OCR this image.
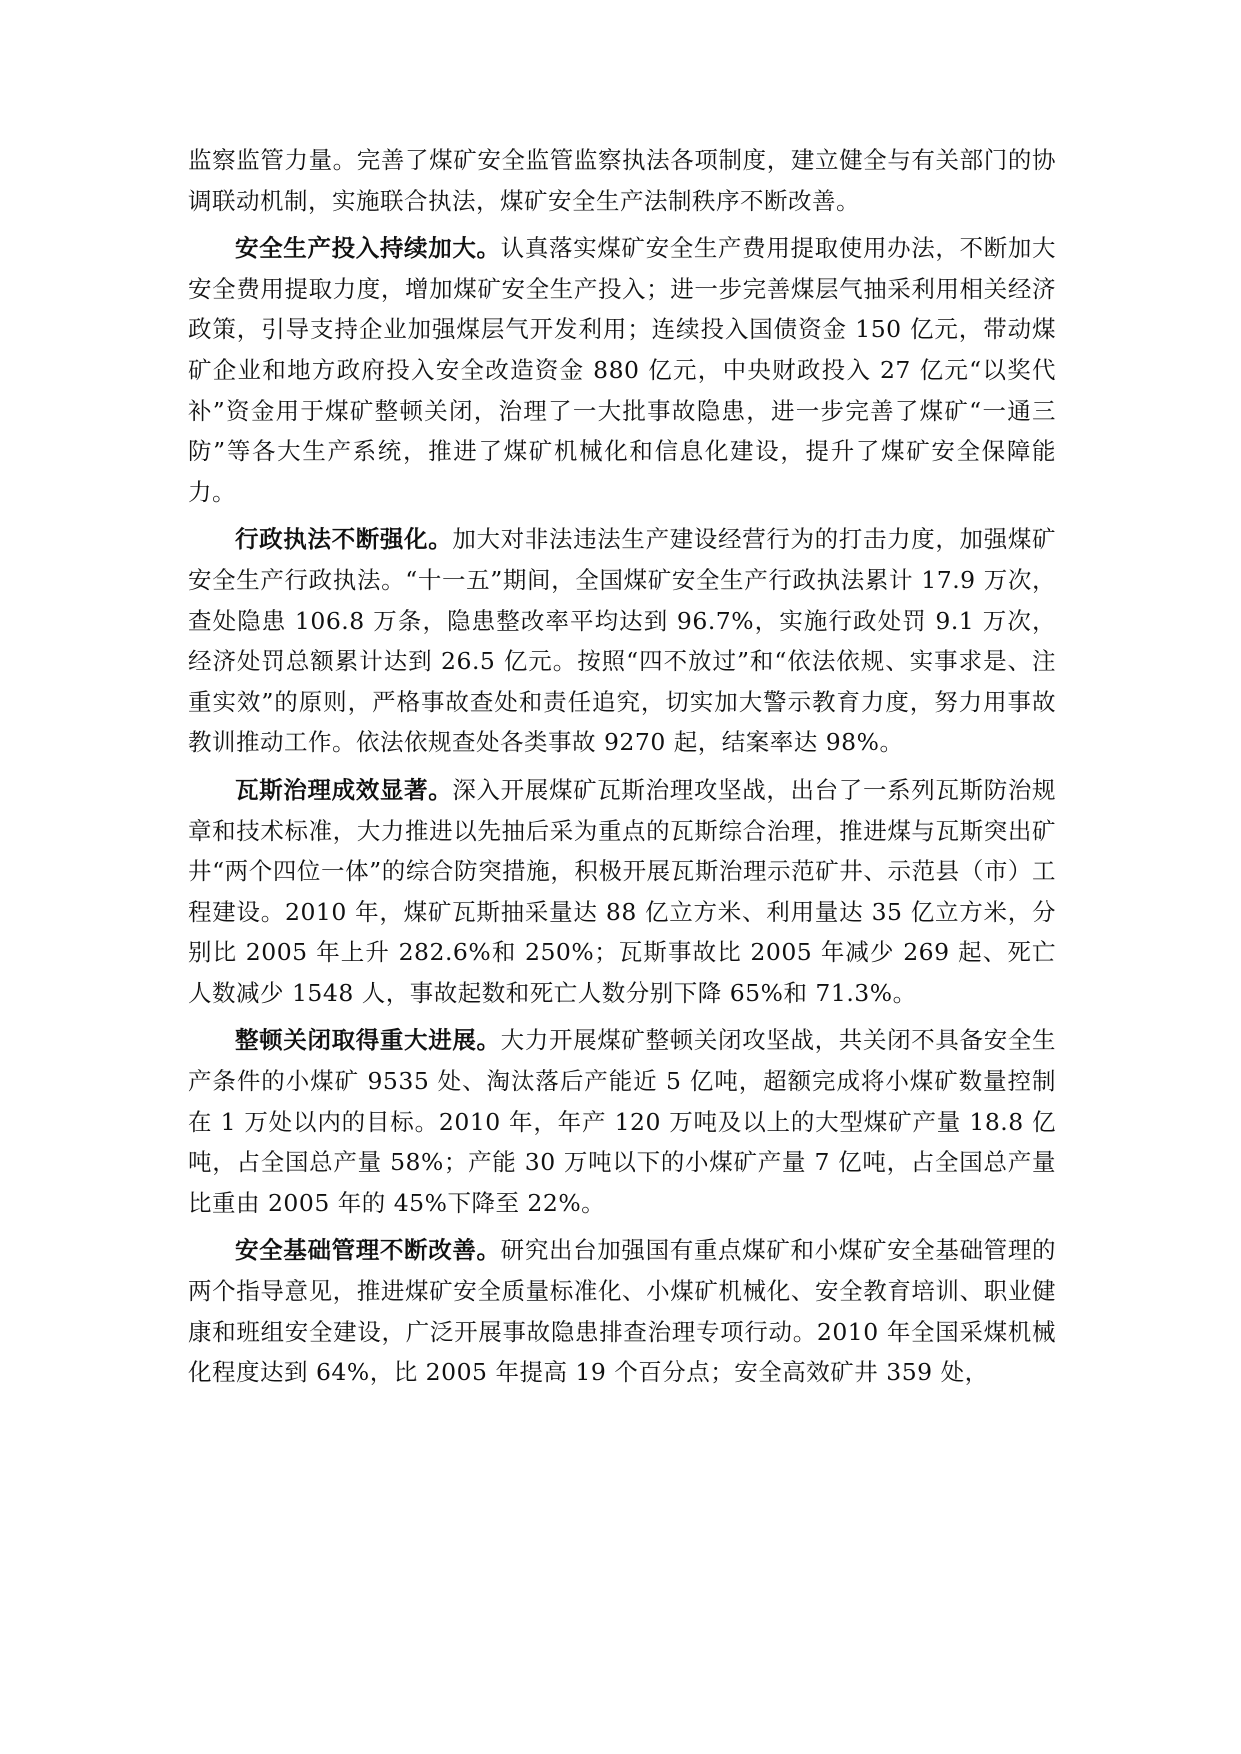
监察监管力量。完善了煤矿安全监管监察执法各项制度，建立健全与有关部门的协调联动机制，实施联合执法，煤矿安全生产法制秩序不断改善。

安全生产投入持续加大。认真落实煤矿安全生产费用提取使用办法，不断加大安全费用提取力度，增加煤矿安全生产投入；进一步完善煤层气抽采利用相关经济政策，引导支持企业加强煤层气开发利用；连续投入国债资金 150 亿元，带动煤矿企业和地方政府投入安全改造资金 880 亿元，中央财政投入 27 亿元“以奖代补”资金用于煤矿整顿关闭，治理了一大批事故隐患，进一步完善了煤矿“一通三防”等各大生产系统，推进了煤矿机械化和信息化建设，提升了煤矿安全保障能力。

行政执法不断强化。加大对非法违法生产建设经营行为的打击力度，加强煤矿安全生产行政执法。“十一五”期间，全国煤矿安全生产行政执法累计 17.9 万次，查处隐患 106.8 万条，隐患整改率平均达到 96.7%，实施行政处罚 9.1 万次，经济处罚总额累计达到 26.5 亿元。按照“四不放过”和“依法依规、实事求是、注重实效”的原则，严格事故查处和责任追究，切实加大警示教育力度，努力用事故教训推动工作。依法依规查处各类事故 9270 起，结案率达 98%。

瓦斯治理成效显著。深入开展煤矿瓦斯治理攻坚战，出台了一系列瓦斯防治规章和技术标准，大力推进以先抽后采为重点的瓦斯综合治理，推进煤与瓦斯突出矿井“两个四位一体”的综合防突措施，积极开展瓦斯治理示范矿井、示范县（市）工程建设。2010 年，煤矿瓦斯抽采量达 88 亿立方米、利用量达 35 亿立方米，分别比 2005 年上升 282.6%和 250%；瓦斯事故比 2005 年减少 269 起、死亡人数减少 1548 人，事故起数和死亡人数分别下降 65%和 71.3%。

整顿关闭取得重大进展。大力开展煤矿整顿关闭攻坚战，共关闭不具备安全生产条件的小煤矿 9535 处、淘汰落后产能近 5 亿吨，超额完成将小煤矿数量控制在 1 万处以内的目标。2010 年，年产 120 万吨及以上的大型煤矿产量 18.8 亿吨，占全国总产量 58%；产能 30 万吨以下的小煤矿产量 7 亿吨，占全国总产量比重由 2005 年的 45%下降至 22%。

安全基础管理不断改善。研究出台加强国有重点煤矿和小煤矿安全基础管理的两个指导意见，推进煤矿安全质量标准化、小煤矿机械化、安全教育培训、职业健康和班组安全建设，广泛开展事故隐患排查治理专项行动。2010 年全国采煤机械化程度达到 64%，比 2005 年提高 19 个百分点；安全高效矿井 359 处，
